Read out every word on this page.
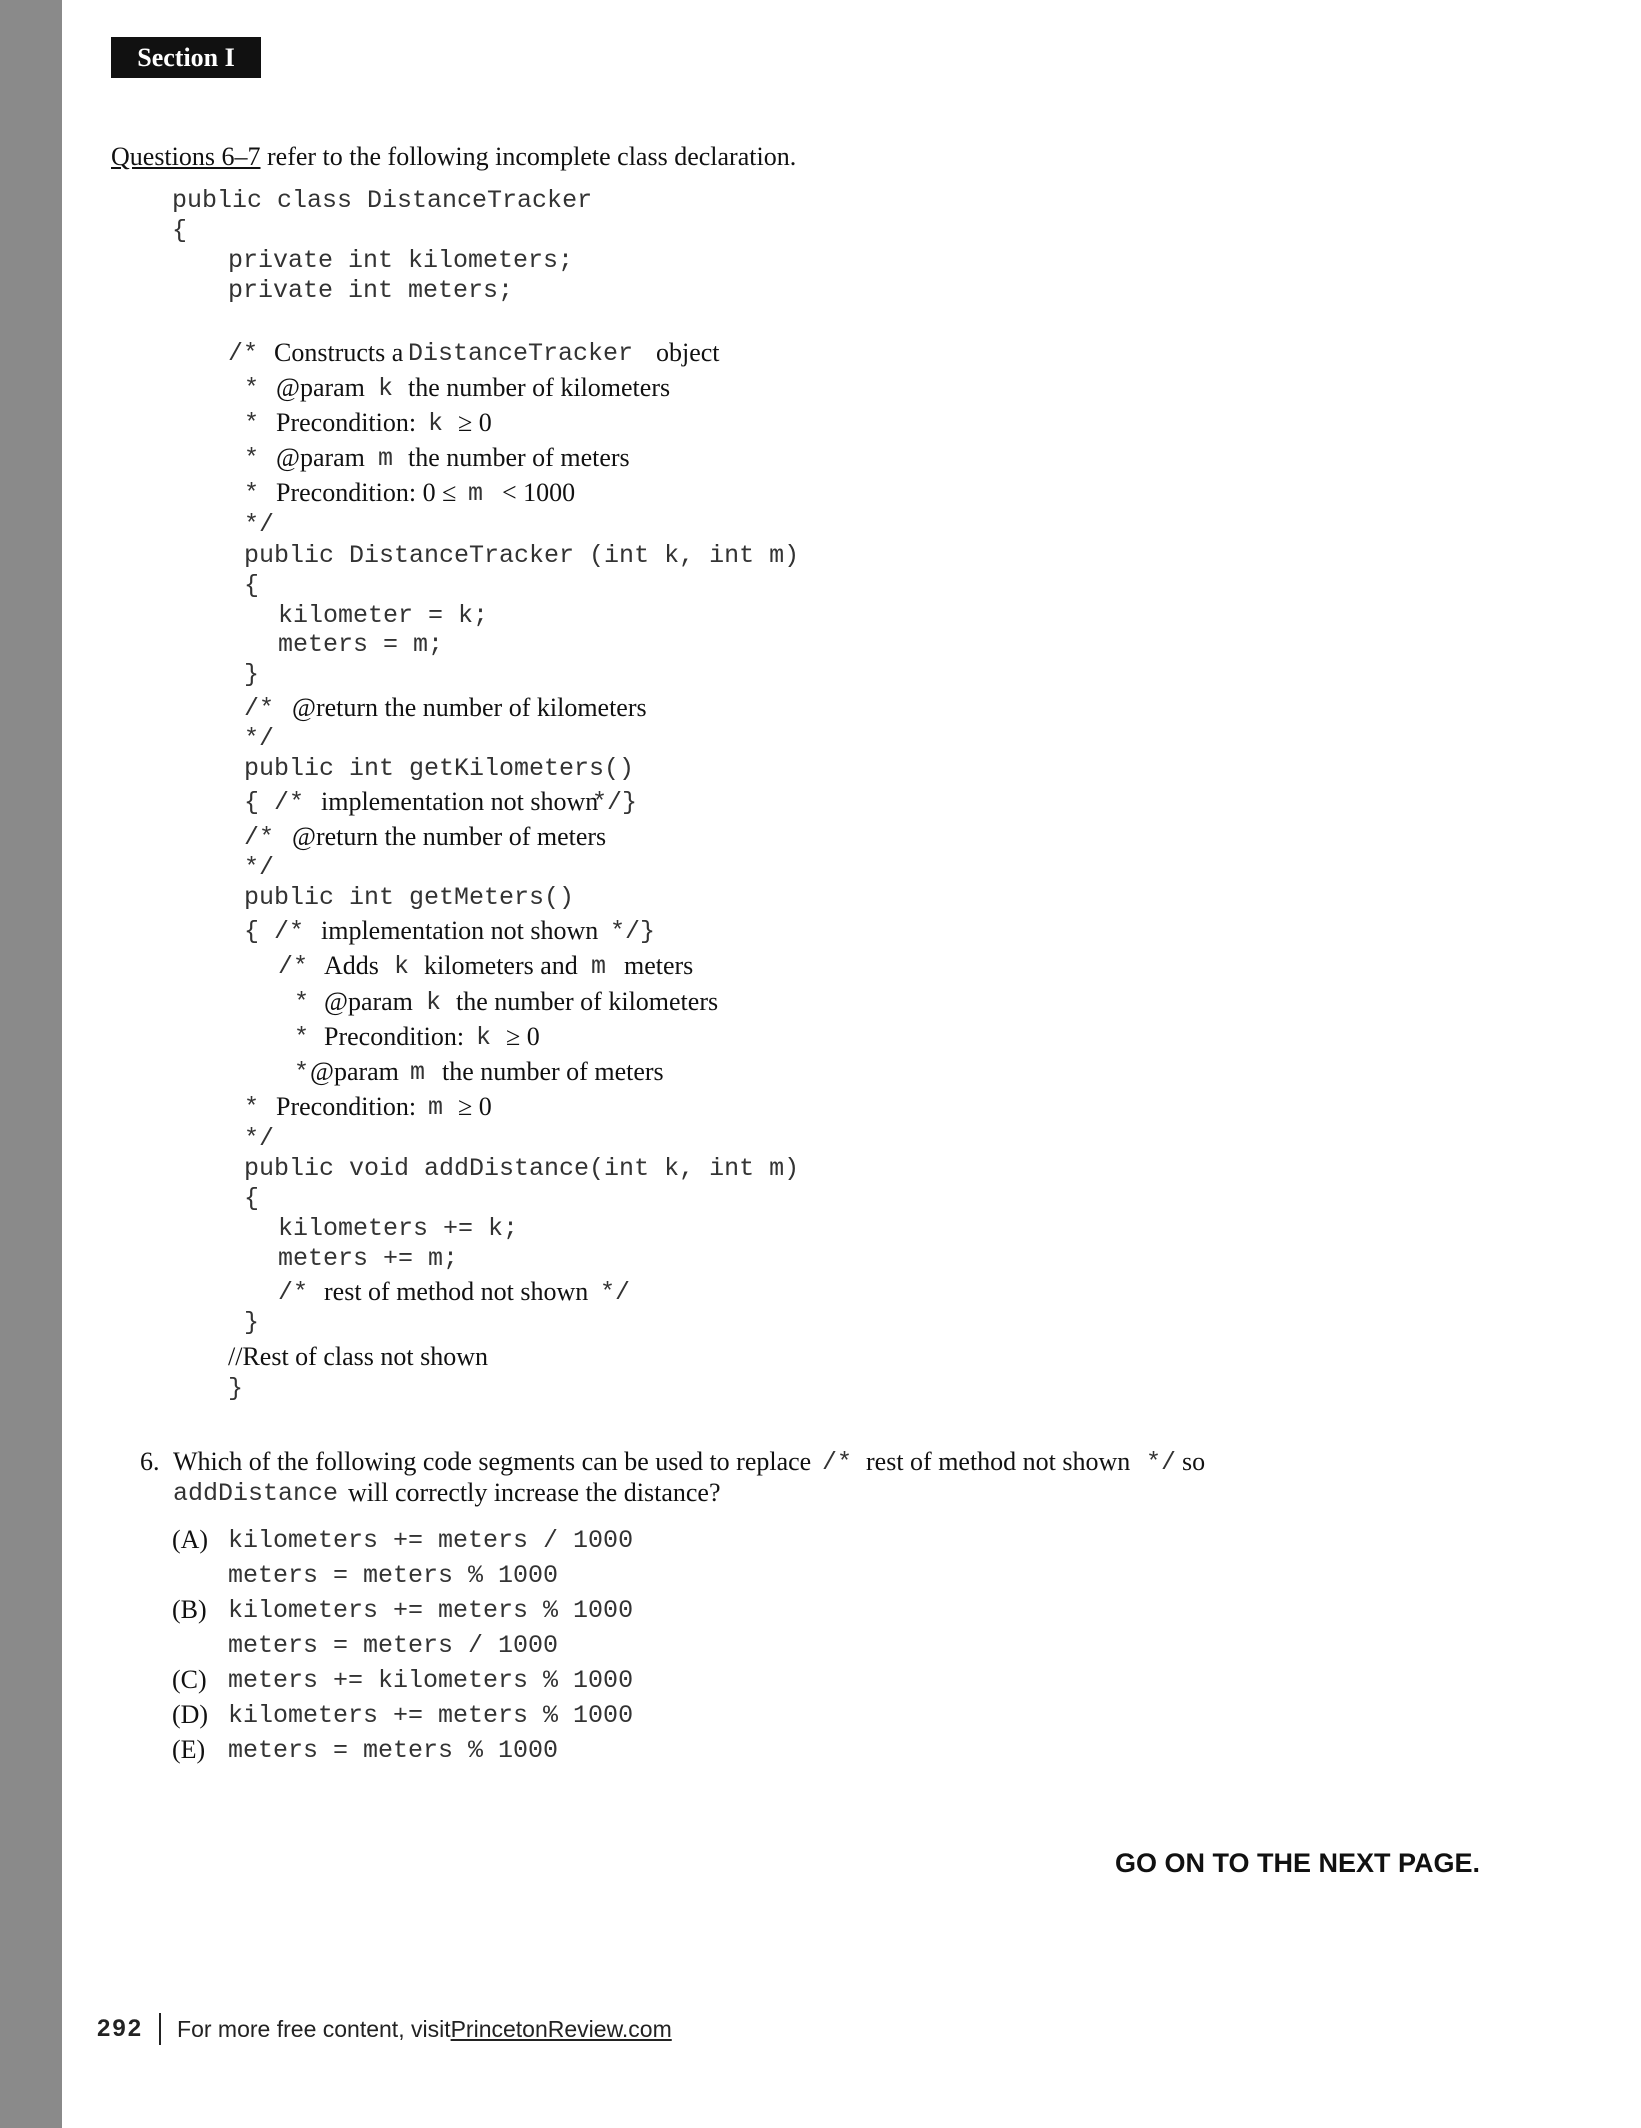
Section I
Questions 6–7 refer to the following incomplete class declaration.
public class DistanceTracker
{
private int kilometers;
private int meters;
/* Constructs a DistanceTracker object
* @param k the number of kilometers
* Precondition: k ≥ 0
* @param m the number of meters
* Precondition: 0 ≤ m < 1000
*/
public DistanceTracker (int k, int m)
{
kilometer = k;
meters = m;
}
/* @return the number of kilometers
*/
public int getKilometers()
{ /* implementation not shown
*/}
/* @return the number of meters
*/
public int getMeters()
{ /* implementation not shown */}
/* Adds k kilometers and m meters
* @param k the number of kilometers
* Precondition: k ≥ 0
* @param m the number of meters
* Precondition: m ≥ 0
*/
public void addDistance(int k, int m)
{
kilometers += k;
meters += m;
/* rest of method not shown */
}
//Rest of class not shown
}
6. Which of the following code segments can be used to replace /* rest of method not shown */ so
addDistance will correctly increase the distance?
(A) kilometers += meters / 1000
meters = meters % 1000
(B) kilometers += meters % 1000
meters = meters / 1000
(C) meters += kilometers % 1000
(D) kilometers += meters % 1000
(E) meters = meters % 1000
GO ON TO THE NEXT PAGE.
292 For more free content, visit PrincetonReview.com
